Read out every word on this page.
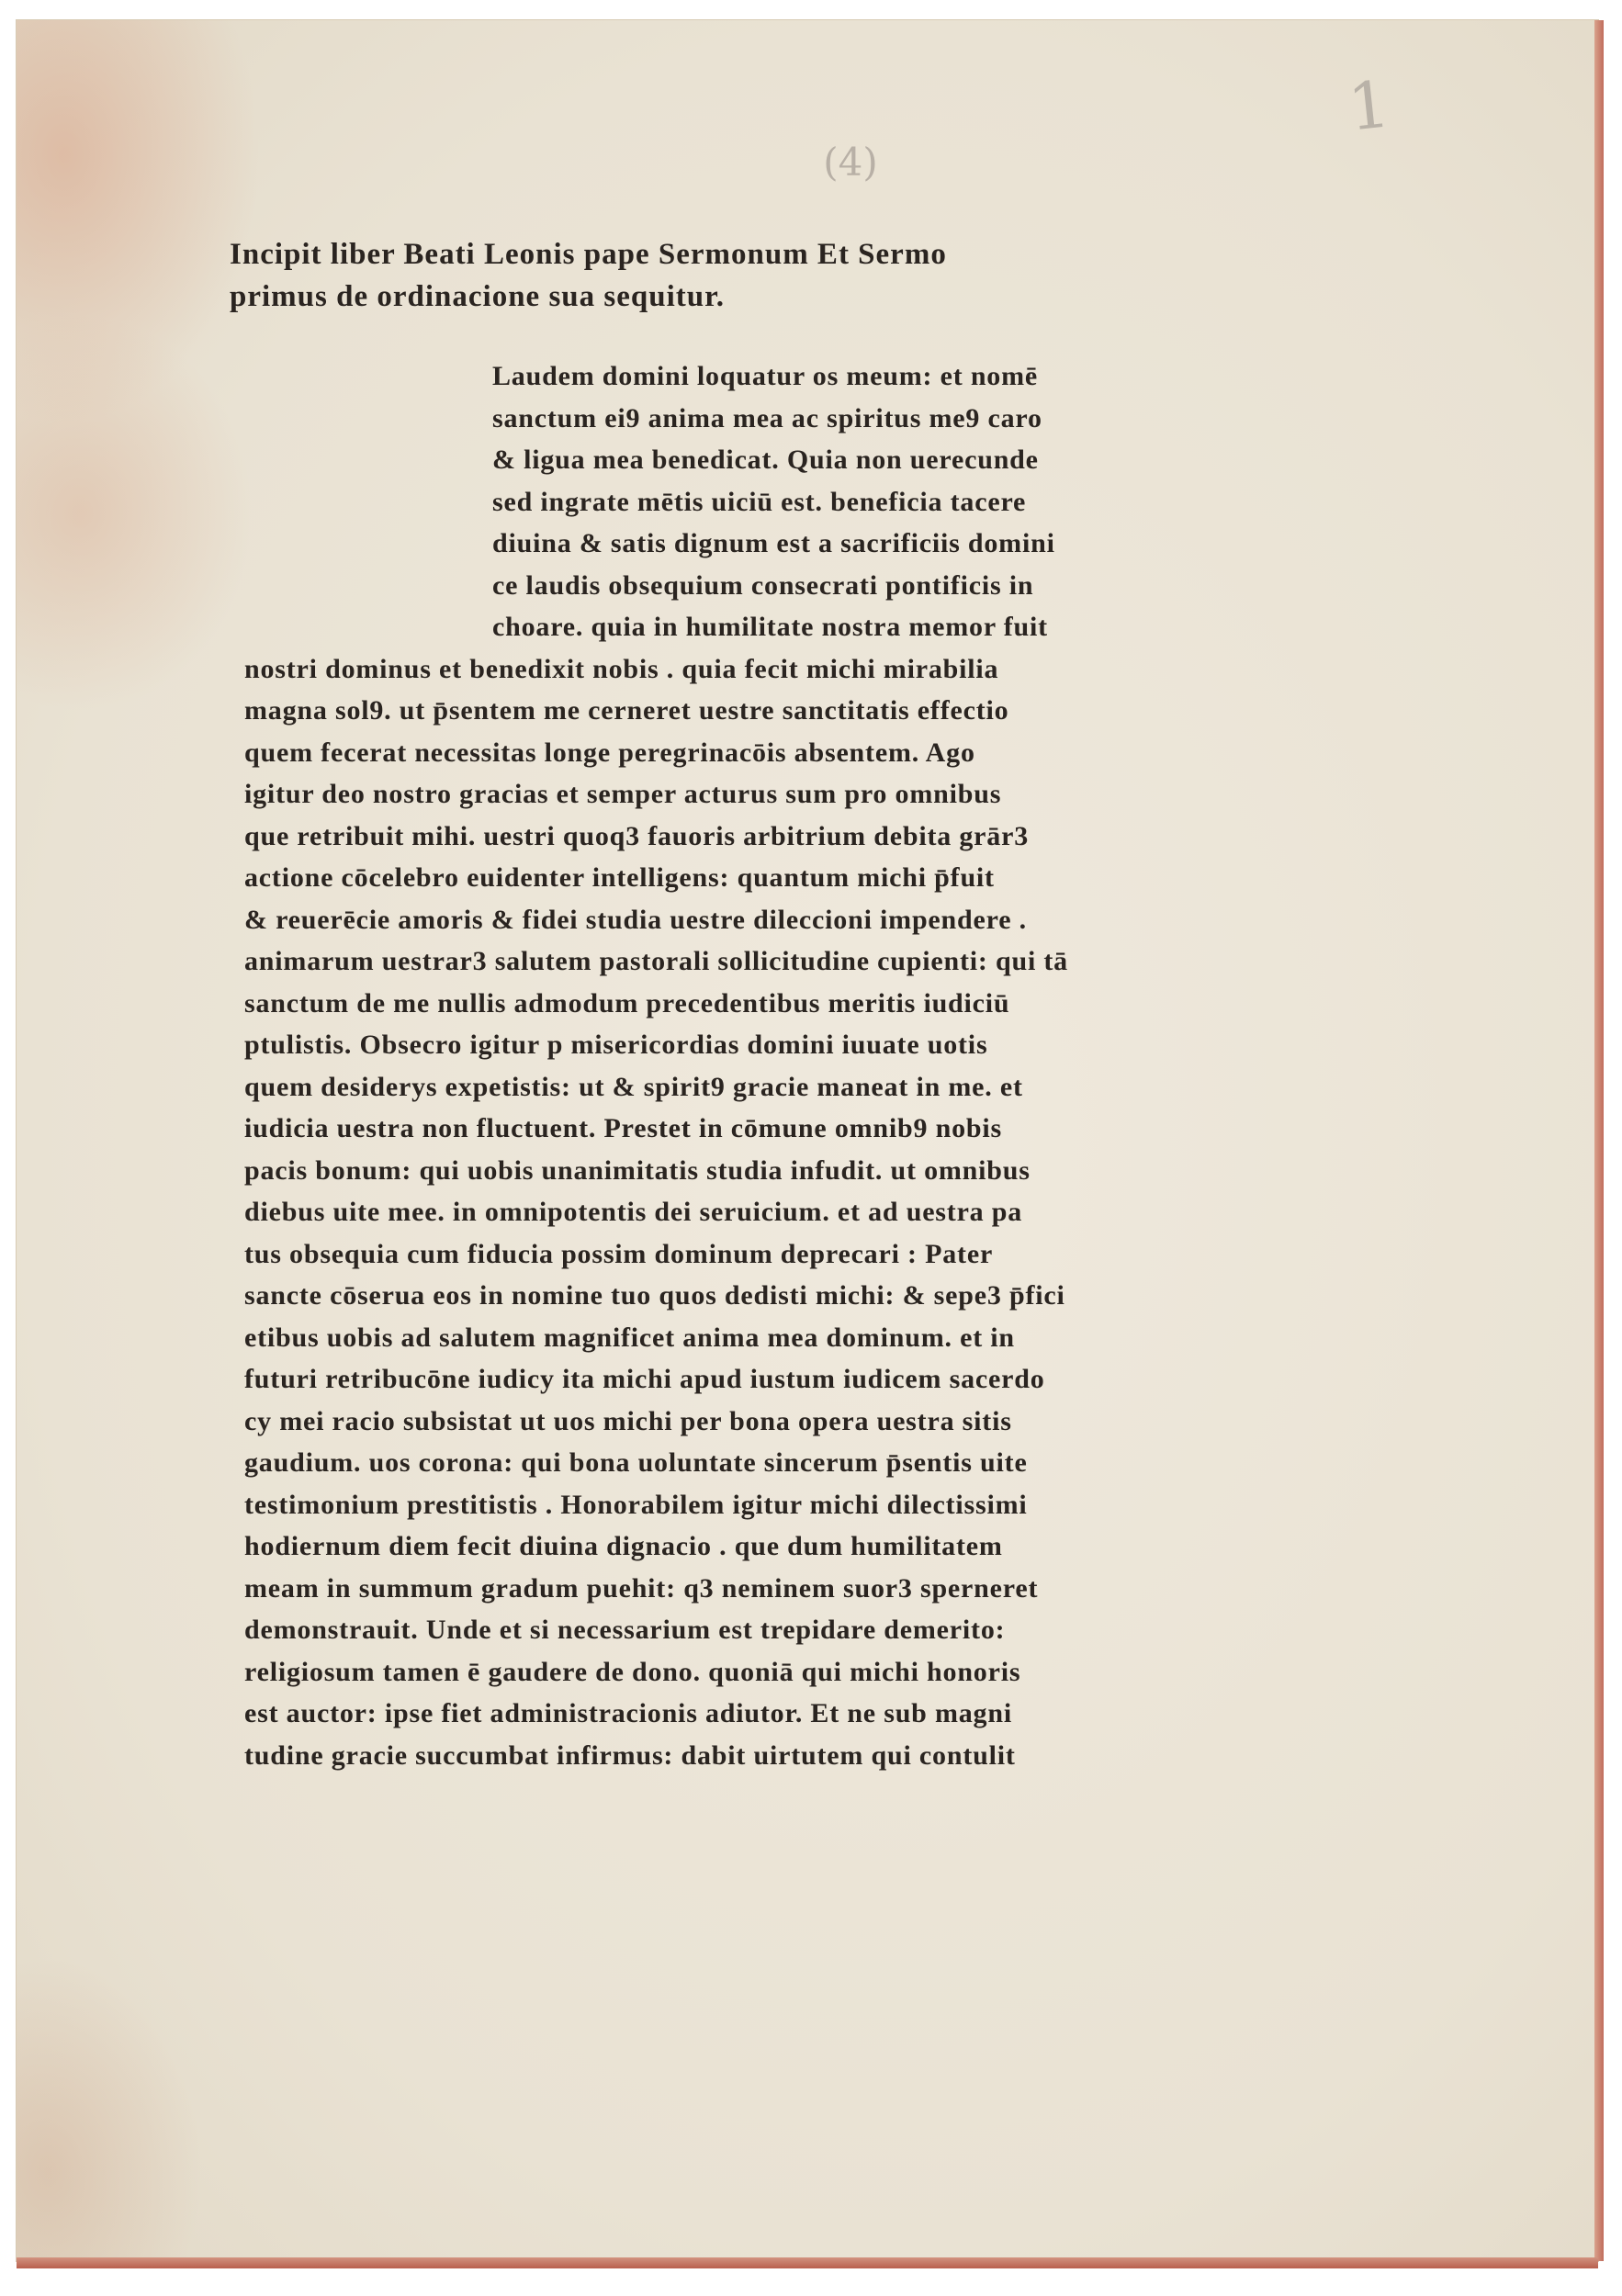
1
(4)
Incipit liber Beati Leonis pape Sermonum Et Sermo
primus de ordinacione sua sequitur.
Laudem domini loquatur os meum: et nomē
sanctum ei9 anima mea ac spiritus me9 caro
& ligua mea benedicat. Quia non uerecunde
sed ingrate mētis uiciū est. beneficia tacere
diuina & satis dignum est a sacrificiis domini
ce laudis obsequium consecrati pontificis in
choare. quia in humilitate nostra memor fuit
nostri dominus et benedixit nobis . quia fecit michi mirabilia
magna sol9. ut p̄sentem me cerneret uestre sanctitatis effectio
quem fecerat necessitas longe peregrinacōis absentem. Ago
igitur deo nostro gracias et semper acturus sum pro omnibus
que retribuit mihi. uestri quoq3 fauoris arbitrium debita grār3
actione cōcelebro euidenter intelligens: quantum michi p̄fuit
& reuerēcie amoris & fidei studia uestre dileccioni impendere .
animarum uestrar3 salutem pastorali sollicitudine cupienti: qui tā
sanctum de me nullis admodum precedentibus meritis iudiciū
ptulistis. Obsecro igitur p misericordias domini iuuate uotis
quem desiderys expetistis: ut & spirit9 gracie maneat in me. et
iudicia uestra non fluctuent. Prestet in cōmune omnib9 nobis
pacis bonum: qui uobis unanimitatis studia infudit. ut omnibus
diebus uite mee. in omnipotentis dei seruicium. et ad uestra pa
tus obsequia cum fiducia possim dominum deprecari : Pater
sancte cōserua eos in nomine tuo quos dedisti michi: & sepe3 p̄fici
etibus uobis ad salutem magnificet anima mea dominum. et in
futuri retribucōne iudicy ita michi apud iustum iudicem sacerdo
cy mei racio subsistat ut uos michi per bona opera uestra sitis
gaudium. uos corona: qui bona uoluntate sincerum p̄sentis uite
testimonium prestitistis . Honorabilem igitur michi dilectissimi
hodiernum diem fecit diuina dignacio . que dum humilitatem
meam in summum gradum puehit: q3 neminem suor3 sperneret
demonstrauit. Unde et si necessarium est trepidare demerito:
religiosum tamen ē gaudere de dono. quoniā qui michi honoris
est auctor: ipse fiet administracionis adiutor. Et ne sub magni
tudine gracie succumbat infirmus: dabit uirtutem qui contulit
